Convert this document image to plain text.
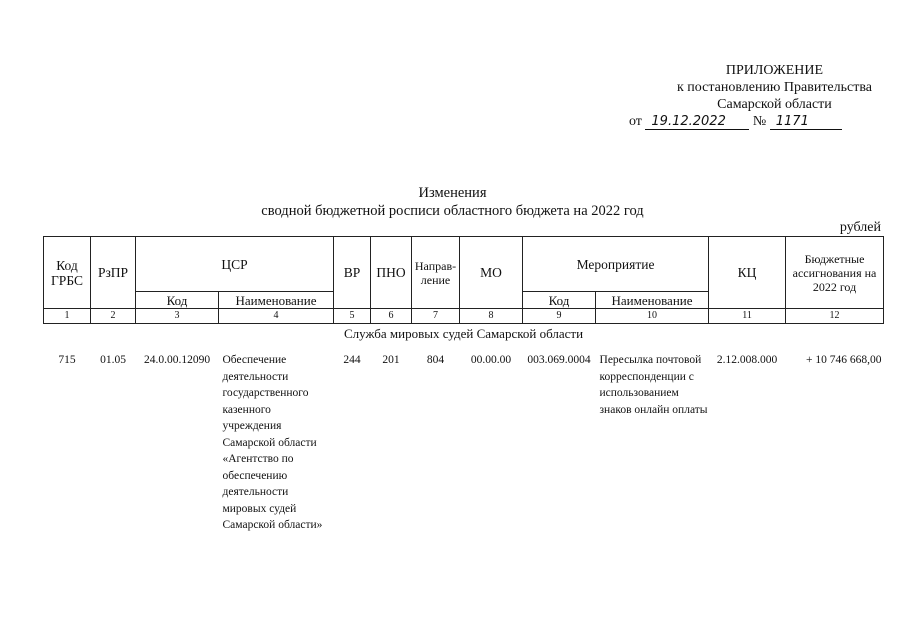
ПРИЛОЖЕНИЕ
к постановлению Правительства
Самарской области
от 19.12.2022 № 1171
Изменения
сводной бюджетной росписи областного бюджета на 2022 год
рублей
Код ГРБС	РзПР	ЦСР		ВР	ПНО	Направ-ление	МО	Мероприятие		КЦ	Бюджетные ассигнования на 2022 год
		Код	Наименование					Код	Наименование		
1	2	3	4	5	6	7	8	9	10	11	12
Служба мировых судей Самарской области											
715	01.05	24.0.00.12090	Обеспечение деятельности государственного казенного учреждения Самарской области «Агентство по обеспечению деятельности мировых судей Самарской области»	244	201	804	00.00.00	003.069.0004	Пересылка почтовой корреспонденции с использованием знаков онлайн оплаты	2.12.008.000	+ 10 746 668,00
